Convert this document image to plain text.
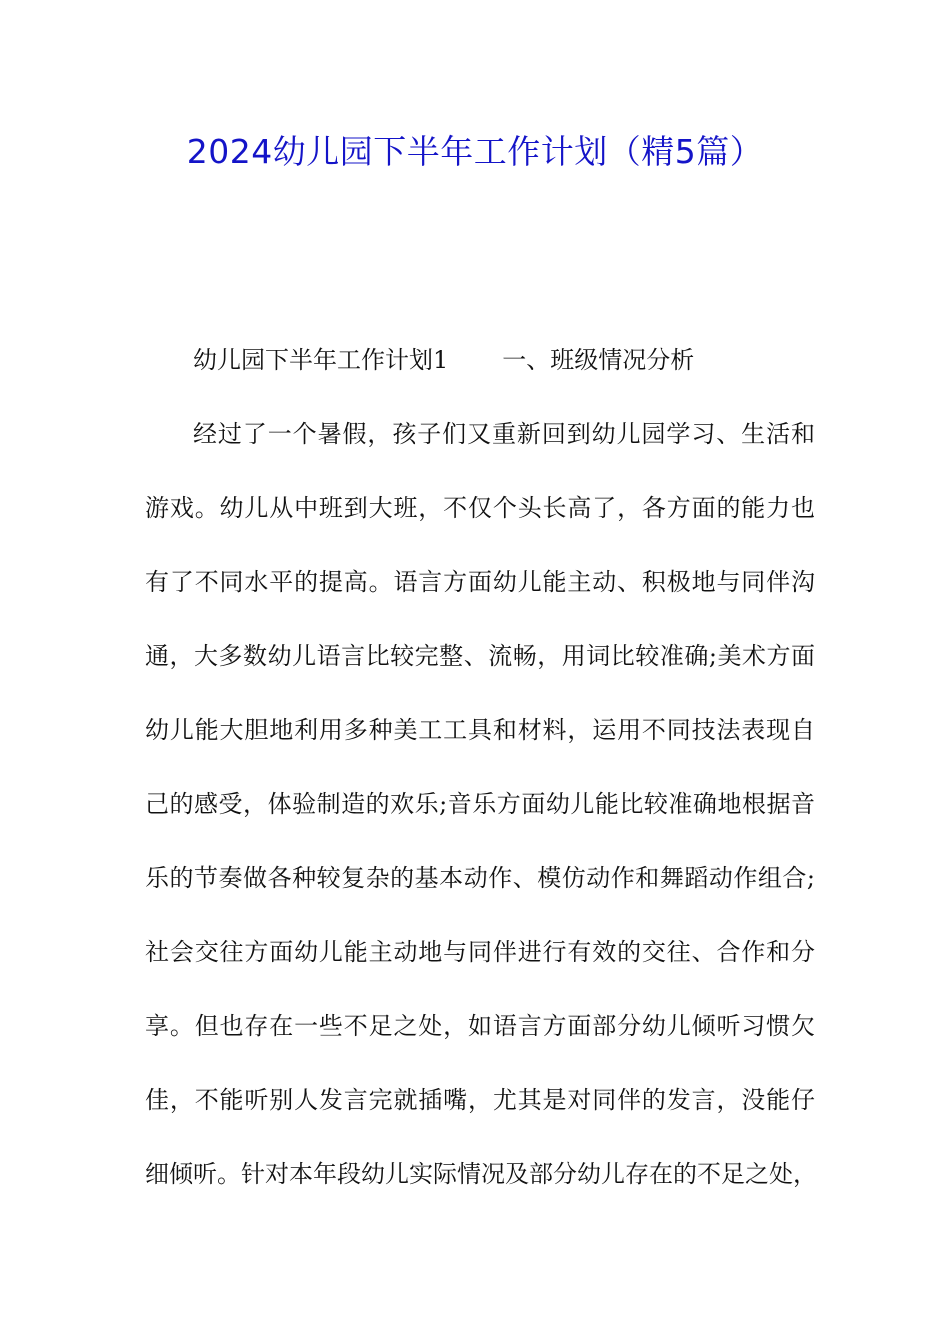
2024幼儿园下半年工作计划（精5篇）
幼儿园下半年工作计划1 一、班级情况分析
经过了一个暑假，孩子们又重新回到幼儿园学习、生活和
游戏。幼儿从中班到大班，不仅个头长高了，各方面的能力也
有了不同水平的提高。语言方面幼儿能主动、积极地与同伴沟
通，大多数幼儿语言比较完整、流畅，用词比较准确;美术方面
幼儿能大胆地利用多种美工工具和材料，运用不同技法表现自
己的感受，体验制造的欢乐;音乐方面幼儿能比较准确地根据音
乐的节奏做各种较复杂的基本动作、模仿动作和舞蹈动作组合;
社会交往方面幼儿能主动地与同伴进行有效的交往、合作和分
享。但也存在一些不足之处，如语言方面部分幼儿倾听习惯欠
佳，不能听别人发言完就插嘴，尤其是对同伴的发言，没能仔
细倾听。针对本年段幼儿实际情况及部分幼儿存在的不足之处，
